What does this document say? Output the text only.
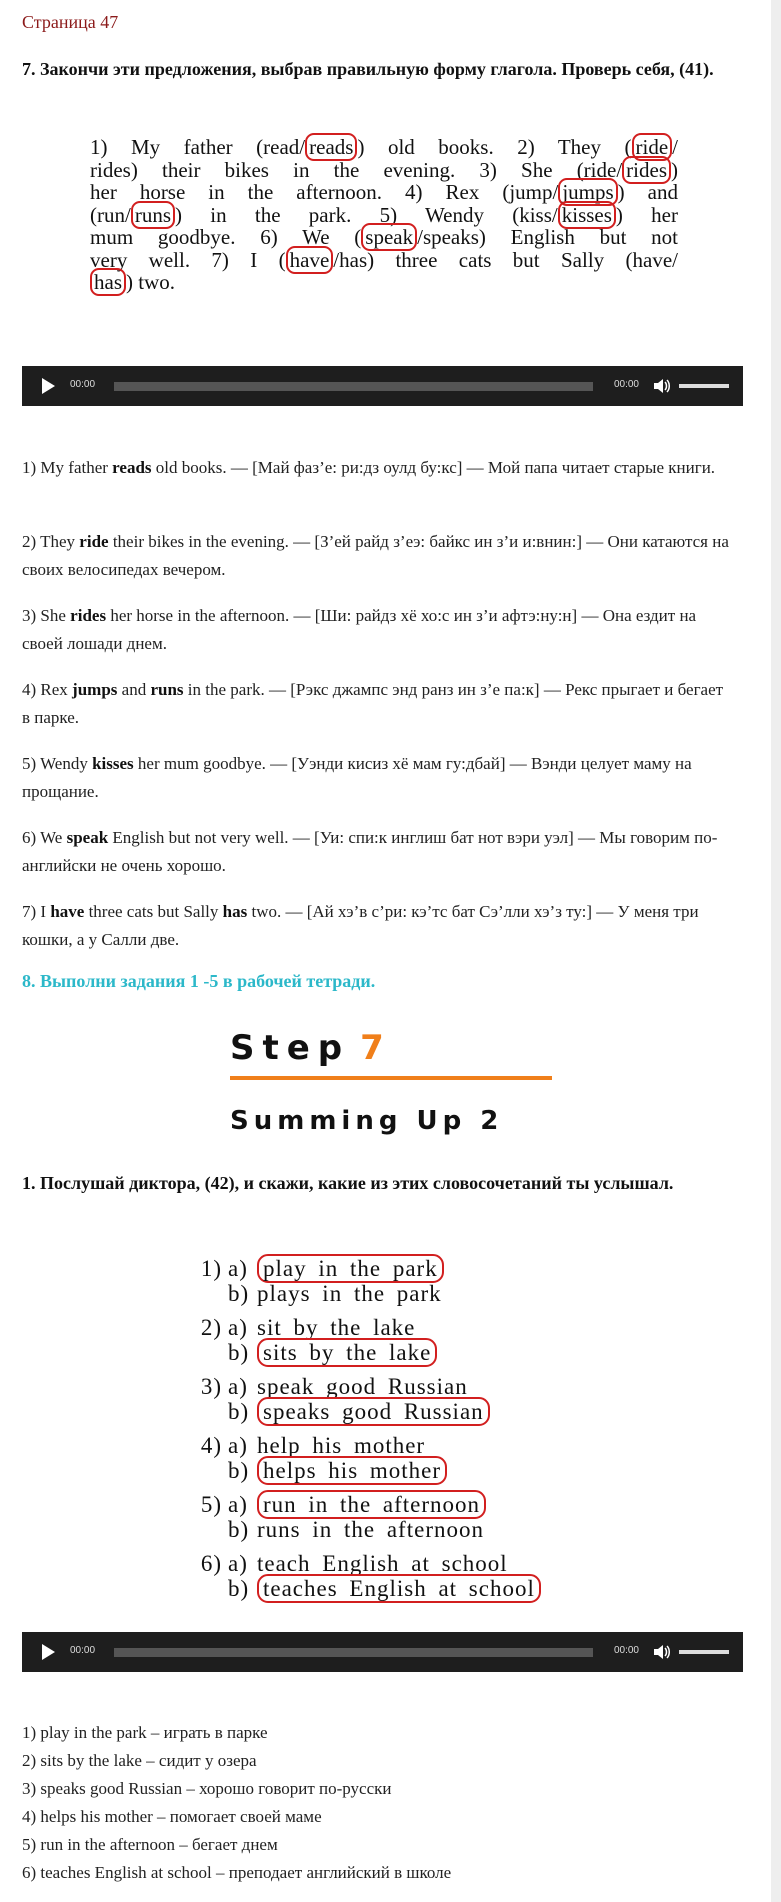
Страница 47
7. Закончи эти предложения, выбрав правильную форму глагола. Проверь себя, (41).
1) My father (read/ reads ) old books. 2) They ( ride /
rides) their bikes in the evening. 3) She (ride/ rides )
her horse in the afternoon. 4) Rex (jump/ jumps ) and
(run/ runs ) in the park. 5) Wendy (kiss/ kisses ) her
mum goodbye. 6) We ( speak /speaks) English but not
very well. 7) I ( have /has) three cats but Sally (have/
has ) two.
00:00	00:00
1) My father reads old books. — [Май фаз’е: ри:дз оулд бу:кс] — Мой папа читает старые книги.
2) They ride their bikes in the evening. — [З’ей райд з’еэ: байкс ин з’и и:внин:] — Они катаются на своих велосипедах вечером.
3) She rides her horse in the afternoon. — [Ши: райдз хё хо:с ин з’и афтэ:ну:н] — Она ездит на своей лошади днем.
4) Rex jumps and runs in the park. — [Рэкс джампс энд ранз ин з’е па:к] — Рекс прыгает и бегает в парке.
5) Wendy kisses her mum goodbye. — [Уэнди кисиз хё мам гу:дбай] — Вэнди целует маму на прощание.
6) We speak English but not very well. — [Уи: спи:к инглиш бат нот вэри уэл] — Мы говорим по-английски не очень хорошо.
7) I have three cats but Sally has two. — [Ай хэ’в с’ри: кэ’тс бат Сэ’лли хэ’з ту:] — У меня три кошки, а у Салли две.
8. Выполни задания 1 -5 в рабочей тетради.
Step 7
Summing Up 2
1. Послушай диктора, (42), и скажи, какие из этих словосочетаний ты услышал.
1) a) play in the park
b) plays in the park
2) a) sit by the lake
b) sits by the lake
3) a) speak good Russian
b) speaks good Russian
4) a) help his mother
b) helps his mother
5) a) run in the afternoon
b) runs in the afternoon
6) a) teach English at school
b) teaches English at school
00:00	00:00
1) play in the park – играть в парке
2) sits by the lake – сидит у озера
3) speaks good Russian – хорошо говорит по-русски
4) helps his mother – помогает своей маме
5) run in the afternoon – бегает днем
6) teaches English at school – преподает английский в школе
